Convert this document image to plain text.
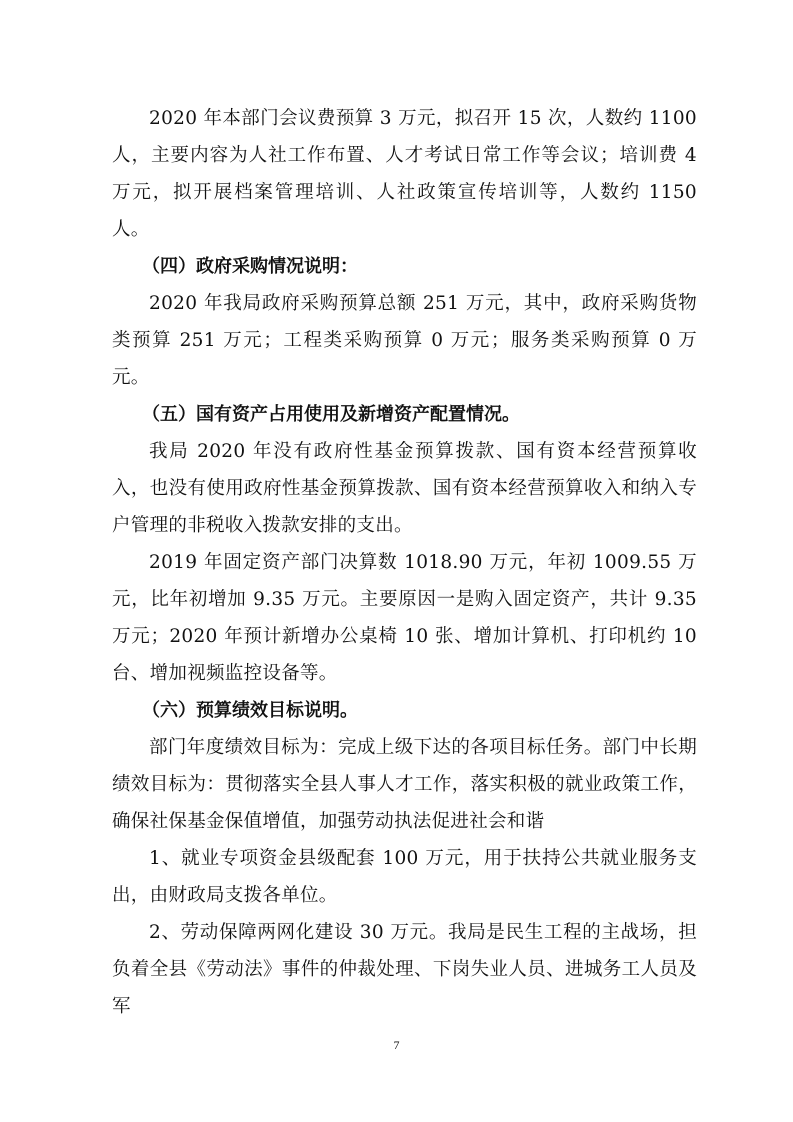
2020 年本部门会议费预算 3 万元，拟召开 15 次，人数约 1100 人，主要内容为人社工作布置、人才考试日常工作等会议；培训费 4 万元，拟开展档案管理培训、人社政策宣传培训等，人数约 1150 人。

（四）政府采购情况说明：

2020 年我局政府采购预算总额 251 万元，其中，政府采购货物类预算 251 万元；工程类采购预算 0 万元；服务类采购预算 0 万元。

（五）国有资产占用使用及新增资产配置情况。

我局 2020 年没有政府性基金预算拨款、国有资本经营预算收入，也没有使用政府性基金预算拨款、国有资本经营预算收入和纳入专户管理的非税收入拨款安排的支出。

2019 年固定资产部门决算数 1018.90 万元，年初 1009.55 万元，比年初增加 9.35 万元。主要原因一是购入固定资产，共计 9.35 万元；2020 年预计新增办公桌椅 10 张、增加计算机、打印机约 10 台、增加视频监控设备等。

（六）预算绩效目标说明。

部门年度绩效目标为：完成上级下达的各项目标任务。部门中长期绩效目标为：贯彻落实全县人事人才工作，落实积极的就业政策工作，确保社保基金保值增值，加强劳动执法促进社会和谐

1、就业专项资金县级配套 100 万元，用于扶持公共就业服务支出，由财政局支拨各单位。

2、劳动保障两网化建设 30 万元。我局是民生工程的主战场，担负着全县《劳动法》事件的仲裁处理、下岗失业人员、进城务工人员及军

7
